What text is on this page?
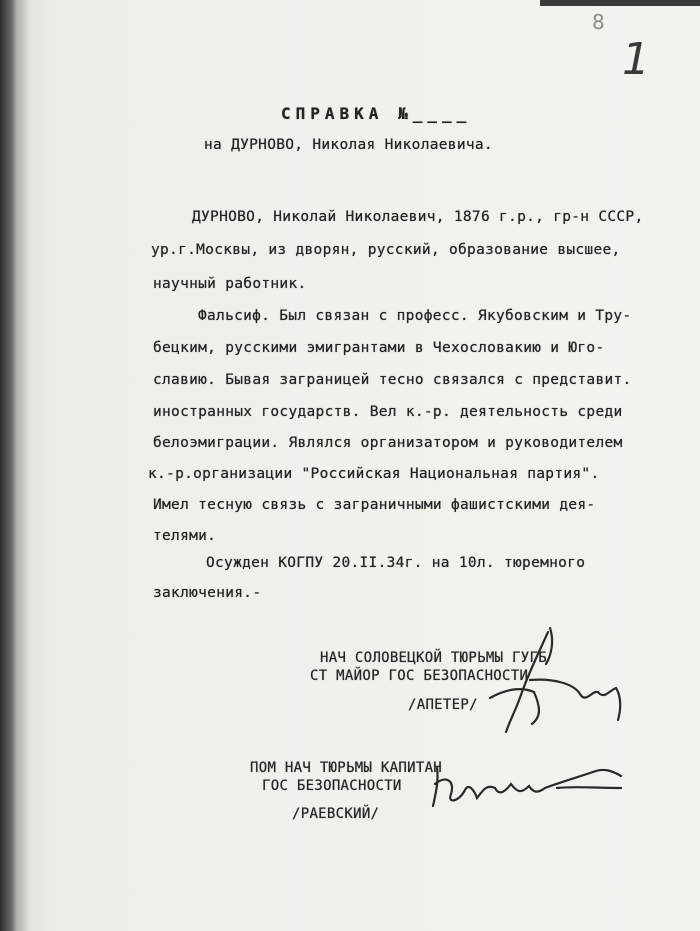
8
1
СПРАВКА №____
на ДУРНОВО, Николая Николаевича.
ДУРНОВО, Николай Николаевич, 1876 г.р., гр-н СССР,
ур.г.Москвы, из дворян, русский, образование высшее,
научный работник.
Фальсиф. Был связан с професс. Якубовским и Тру-
бецким, русскими эмигрантами в Чехословакию и Юго-
славию. Бывая заграницей тесно связался с представит.
иностранных государств. Вел к.-р. деятельность среди
белоэмиграции. Являлся организатором и руководителем
к.-р.организации "Российская Национальная партия".
Имел тесную связь с заграничными фашистскими дея-
телями.
Осужден КОГПУ 20.II.34г. на 10л. тюремного
заключения.-
НАЧ СОЛОВЕЦКОЙ ТЮРЬМЫ ГУГБ
СТ МАЙОР ГОС БЕЗОПАСНОСТИ
/АПЕТЕР/
ПОМ НАЧ ТЮРЬМЫ КАПИТАН
ГОС БЕЗОПАСНОСТИ
/РАЕВСКИЙ/
